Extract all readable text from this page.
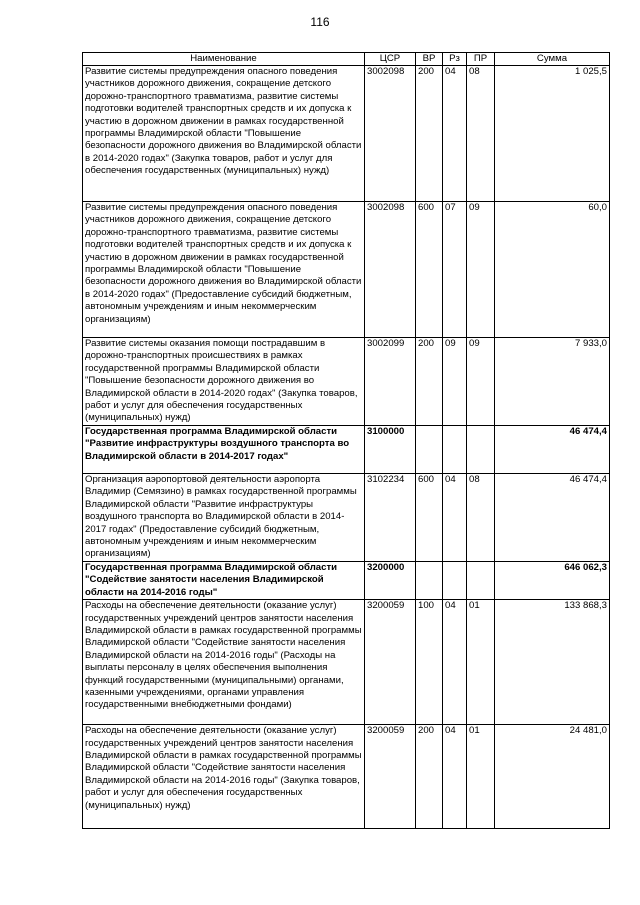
116
Наименование	ЦСР	ВР	Рз	ПР	Сумма
Развитие системы предупреждения опасного поведения участников дорожного движения, сокращение детского дорожно-транспортного травматизма, развитие системы подготовки водителей транспортных средств и их допуска к участию в дорожном движении в рамках государственной программы Владимирской области "Повышение безопасности дорожного движения во Владимирской области в 2014-2020 годах" (Закупка товаров, работ и услуг для обеспечения государственных (муниципальных) нужд)	3002098	200	04	08	1 025,5
Развитие системы предупреждения опасного поведения участников дорожного движения, сокращение детского дорожно-транспортного травматизма, развитие системы подготовки водителей транспортных средств и их допуска к участию в дорожном движении в рамках государственной программы Владимирской области "Повышение безопасности дорожного движения во Владимирской области в 2014-2020 годах" (Предоставление субсидий бюджетным, автономным учреждениям и иным некоммерческим организациям)	3002098	600	07	09	60,0
Развитие системы оказания помощи пострадавшим в дорожно-транспортных происшествиях в рамках государственной программы Владимирской области "Повышение безопасности дорожного движения во Владимирской области в 2014-2020 годах" (Закупка товаров, работ и услуг для обеспечения государственных (муниципальных) нужд)	3002099	200	09	09	7 933,0
Государственная программа Владимирской области "Развитие инфраструктуры воздушного транспорта во Владимирской области в 2014-2017 годах"	3100000				46 474,4
Организация аэропортовой деятельности аэропорта Владимир (Семязино) в рамках государственной программы Владимирской области "Развитие инфраструктуры воздушного транспорта во Владимирской области в 2014-2017 годах" (Предоставление субсидий бюджетным, автономным учреждениям и иным некоммерческим организациям)	3102234	600	04	08	46 474,4
Государственная программа Владимирской области "Содействие занятости населения Владимирской области на 2014-2016 годы"	3200000				646 062,3
Расходы на обеспечение деятельности (оказание услуг) государственных учреждений центров занятости населения Владимирской области в рамках государственной программы Владимирской области "Содействие занятости населения Владимирской области на 2014-2016 годы" (Расходы на выплаты персоналу в целях обеспечения выполнения функций государственными (муниципальными) органами, казенными учреждениями, органами управления государственными внебюджетными фондами)	3200059	100	04	01	133 868,3
Расходы на обеспечение деятельности (оказание услуг) государственных учреждений центров занятости населения Владимирской области в рамках государственной программы Владимирской области "Содействие занятости населения Владимирской области на 2014-2016 годы" (Закупка товаров, работ и услуг для обеспечения государственных (муниципальных) нужд)	3200059	200	04	01	24 481,0
